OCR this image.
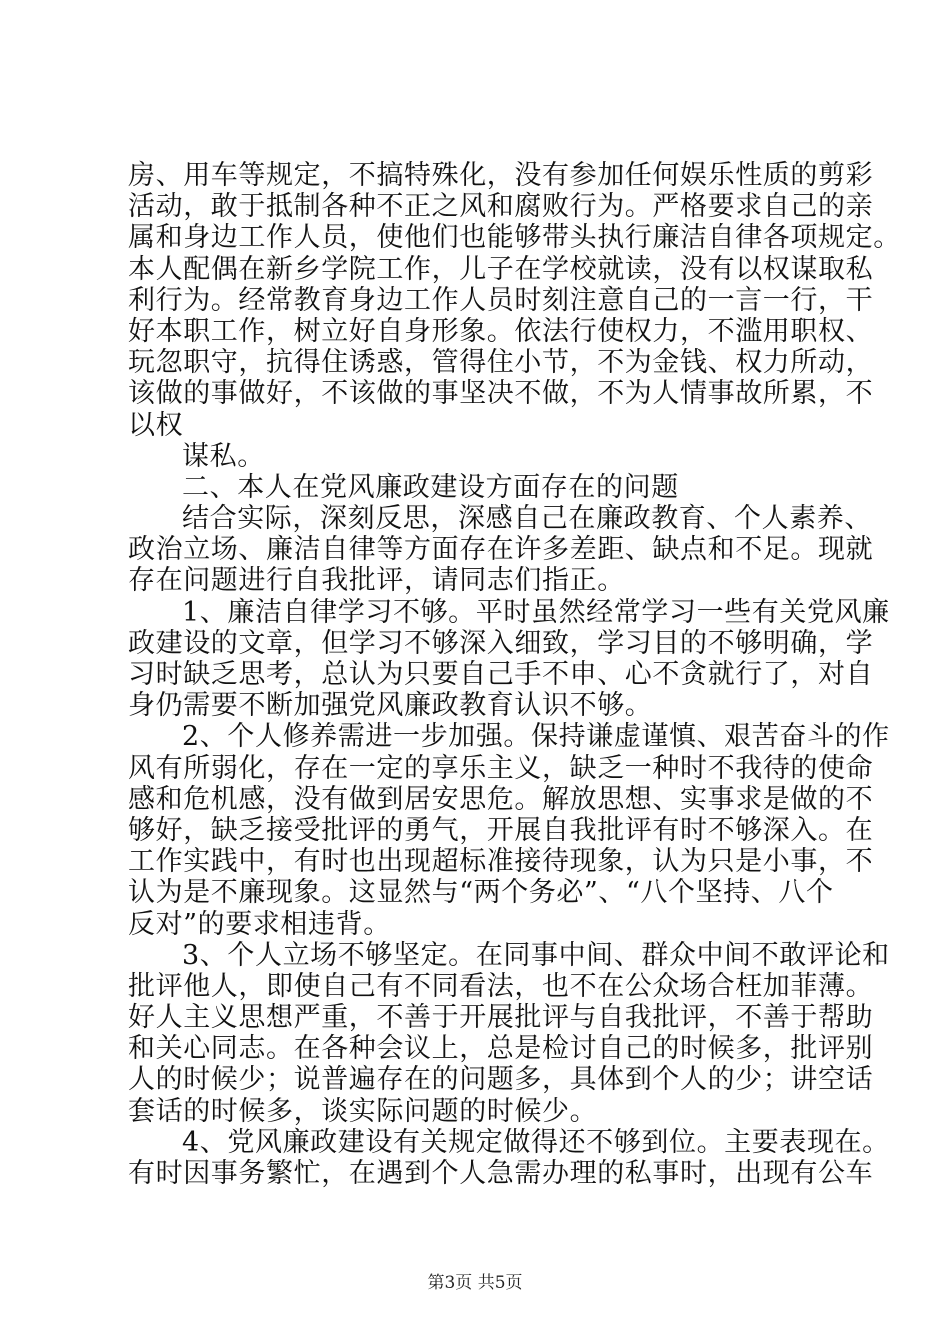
房、用车等规定，不搞特殊化，没有参加任何娱乐性质的剪彩
活动，敢于抵制各种不正之风和腐败行为。严格要求自己的亲
属和身边工作人员，使他们也能够带头执行廉洁自律各项规定。
本人配偶在新乡学院工作，儿子在学校就读，没有以权谋取私
利行为。经常教育身边工作人员时刻注意自己的一言一行，干
好本职工作，树立好自身形象。依法行使权力，不滥用职权、
玩忽职守，抗得住诱惑，管得住小节，不为金钱、权力所动，
该做的事做好，不该做的事坚决不做，不为人情事故所累，不
以权
谋私。
二、本人在党风廉政建设方面存在的问题
结合实际，深刻反思，深感自己在廉政教育、个人素养、
政治立场、廉洁自律等方面存在许多差距、缺点和不足。现就
存在问题进行自我批评，请同志们指正。
1、廉洁自律学习不够。平时虽然经常学习一些有关党风廉
政建设的文章，但学习不够深入细致，学习目的不够明确，学
习时缺乏思考，总认为只要自己手不申、心不贪就行了，对自
身仍需要不断加强党风廉政教育认识不够。
2、个人修养需进一步加强。保持谦虚谨慎、艰苦奋斗的作
风有所弱化，存在一定的享乐主义，缺乏一种时不我待的使命
感和危机感，没有做到居安思危。解放思想、实事求是做的不
够好，缺乏接受批评的勇气，开展自我批评有时不够深入。在
工作实践中，有时也出现超标准接待现象，认为只是小事，不
认为是不廉现象。这显然与“两个务必”、“八个坚持、八个
反对”的要求相违背。
3、个人立场不够坚定。在同事中间、群众中间不敢评论和
批评他人，即使自己有不同看法，也不在公众场合枉加菲薄。
好人主义思想严重，不善于开展批评与自我批评，不善于帮助
和关心同志。在各种会议上，总是检讨自己的时候多，批评别
人的时候少；说普遍存在的问题多，具体到个人的少；讲空话
套话的时候多，谈实际问题的时候少。
4、党风廉政建设有关规定做得还不够到位。主要表现在。
有时因事务繁忙，在遇到个人急需办理的私事时，出现有公车
第3页 共5页
